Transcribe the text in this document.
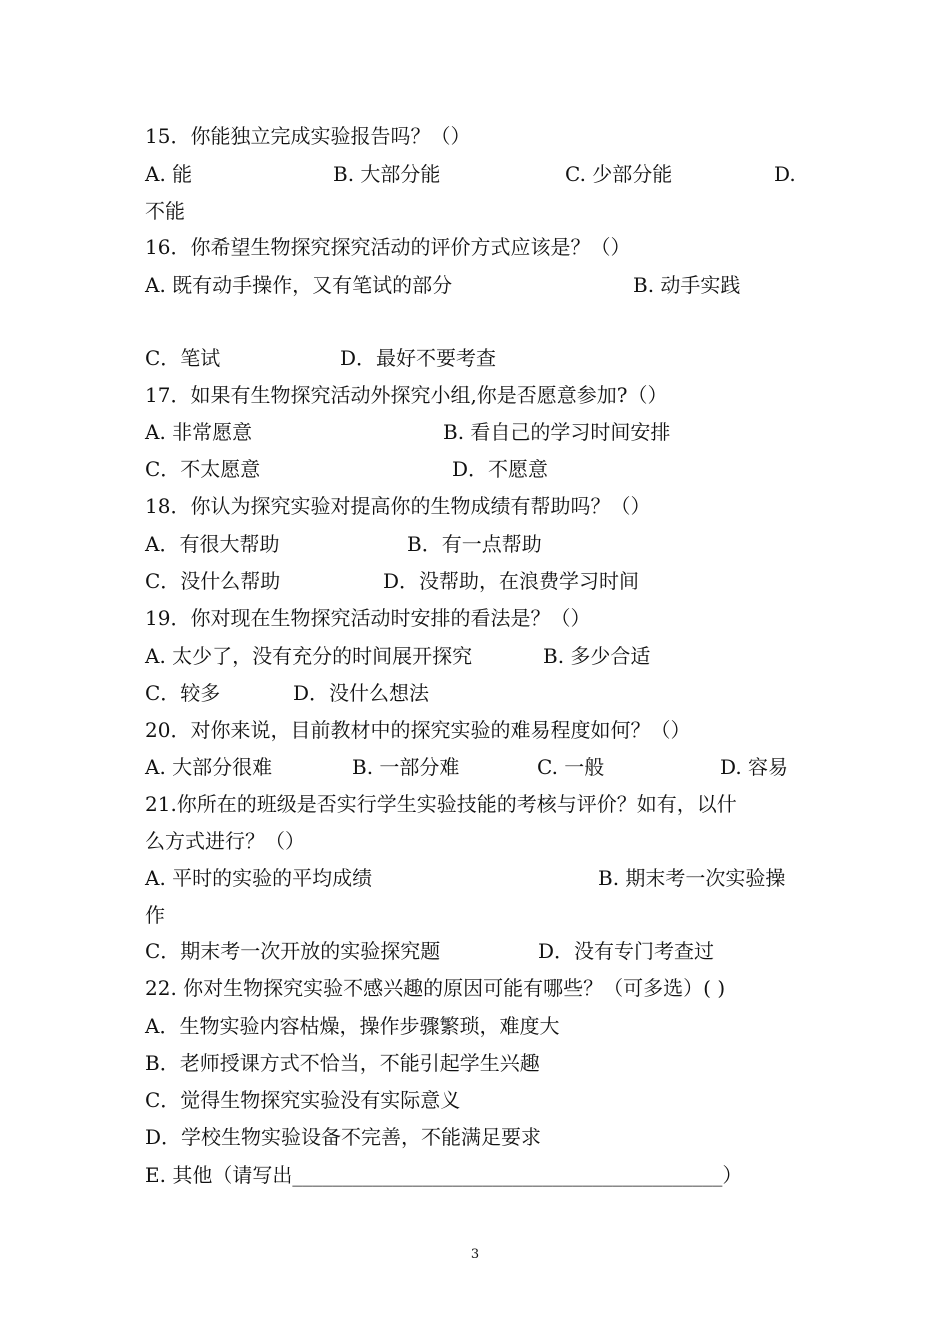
15．你能独立完成实验报告吗？（）
A. 能	B. 大部分能	C. 少部分能	D.
不能
16．你希望生物探究探究活动的评价方式应该是？（）
A. 既有动手操作，又有笔试的部分	B. 动手实践
C．笔试	D．最好不要考查
17．如果有生物探究活动外探究小组,你是否愿意参加?（）
A. 非常愿意	B. 看自己的学习时间安排
C．不太愿意	D．不愿意
18．你认为探究实验对提高你的生物成绩有帮助吗？（）
A．有很大帮助	B．有一点帮助
C．没什么帮助	D．没帮助，在浪费学习时间
19．你对现在生物探究活动时安排的看法是？（）
A. 太少了，没有充分的时间展开探究	B. 多少合适
C．较多	D．没什么想法
20．对你来说，目前教材中的探究实验的难易程度如何？（）
A. 大部分很难	B. 一部分难	C. 一般	D. 容易
21.你所在的班级是否实行学生实验技能的考核与评价？如有，以什
么方式进行？（）
A. 平时的实验的平均成绩	B. 期末考一次实验操
作
C．期末考一次开放的实验探究题	D．没有专门考查过
22. 你对生物探究实验不感兴趣的原因可能有哪些？（可多选）( )
A．生物实验内容枯燥，操作步骤繁琐，难度大
B．老师授课方式不恰当，不能引起学生兴趣
C．觉得生物探究实验没有实际意义
D．学校生物实验设备不完善，不能满足要求
E. 其他（请写出___________________________________________）
3
